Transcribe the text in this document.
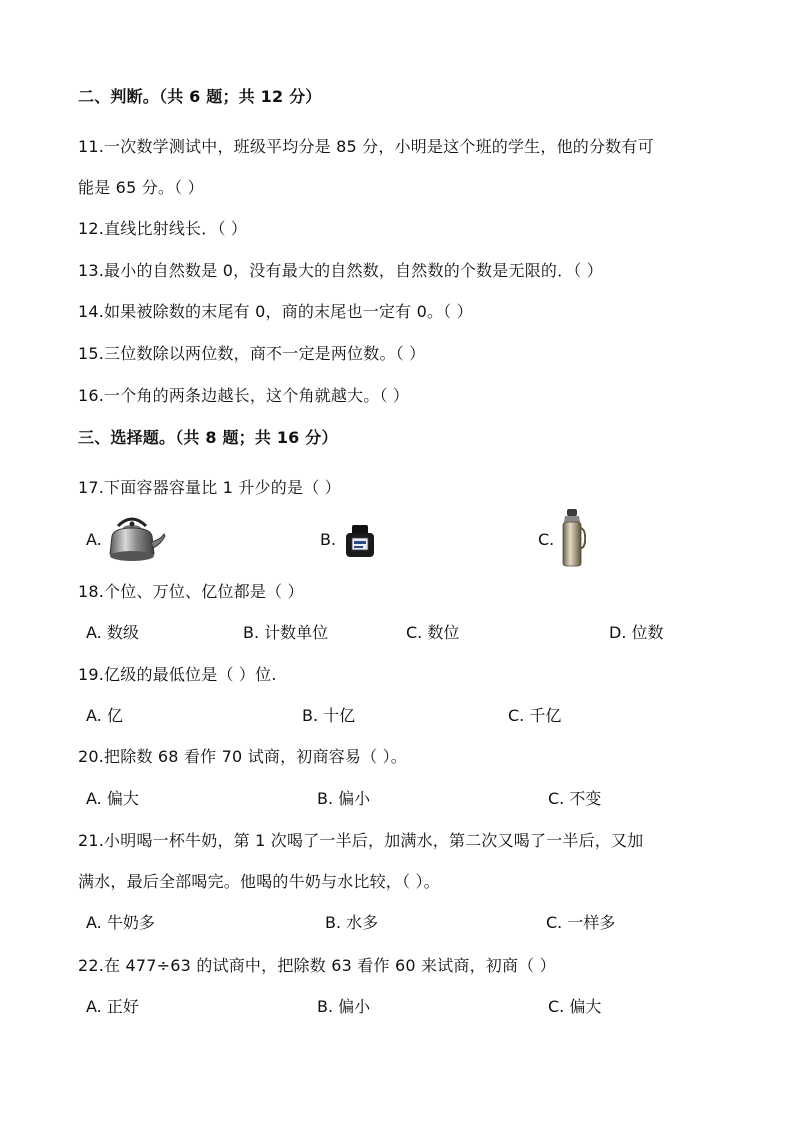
二、判断。（共 6 题；共 12 分）
11.一次数学测试中，班级平均分是 85 分，小明是这个班的学生，他的分数有可
能是 65 分。（ ）
12.直线比射线长．（ ）
13.最小的自然数是 0，没有最大的自然数，自然数的个数是无限的．（ ）
14.如果被除数的末尾有 0，商的末尾也一定有 0。（ ）
15.三位数除以两位数，商不一定是两位数。（ ）
16.一个角的两条边越长，这个角就越大。（ ）
三、选择题。（共 8 题；共 16 分）
17.下面容器容量比 1 升少的是（ ）
A.	B.	C.
18.个位、万位、亿位都是（ ）
A. 数级	B. 计数单位	C. 数位	D. 位数
19.亿级的最低位是（ ）位.
A. 亿	B. 十亿	C. 千亿
20.把除数 68 看作 70 试商，初商容易（ ）。
A. 偏大	B. 偏小	C. 不变
21.小明喝一杯牛奶，第 1 次喝了一半后，加满水，第二次又喝了一半后，又加
满水，最后全部喝完。他喝的牛奶与水比较，（ ）。
A. 牛奶多	B. 水多	C. 一样多
22.在 477÷63 的试商中，把除数 63 看作 60 来试商，初商（ ）
A. 正好	B. 偏小	C. 偏大
